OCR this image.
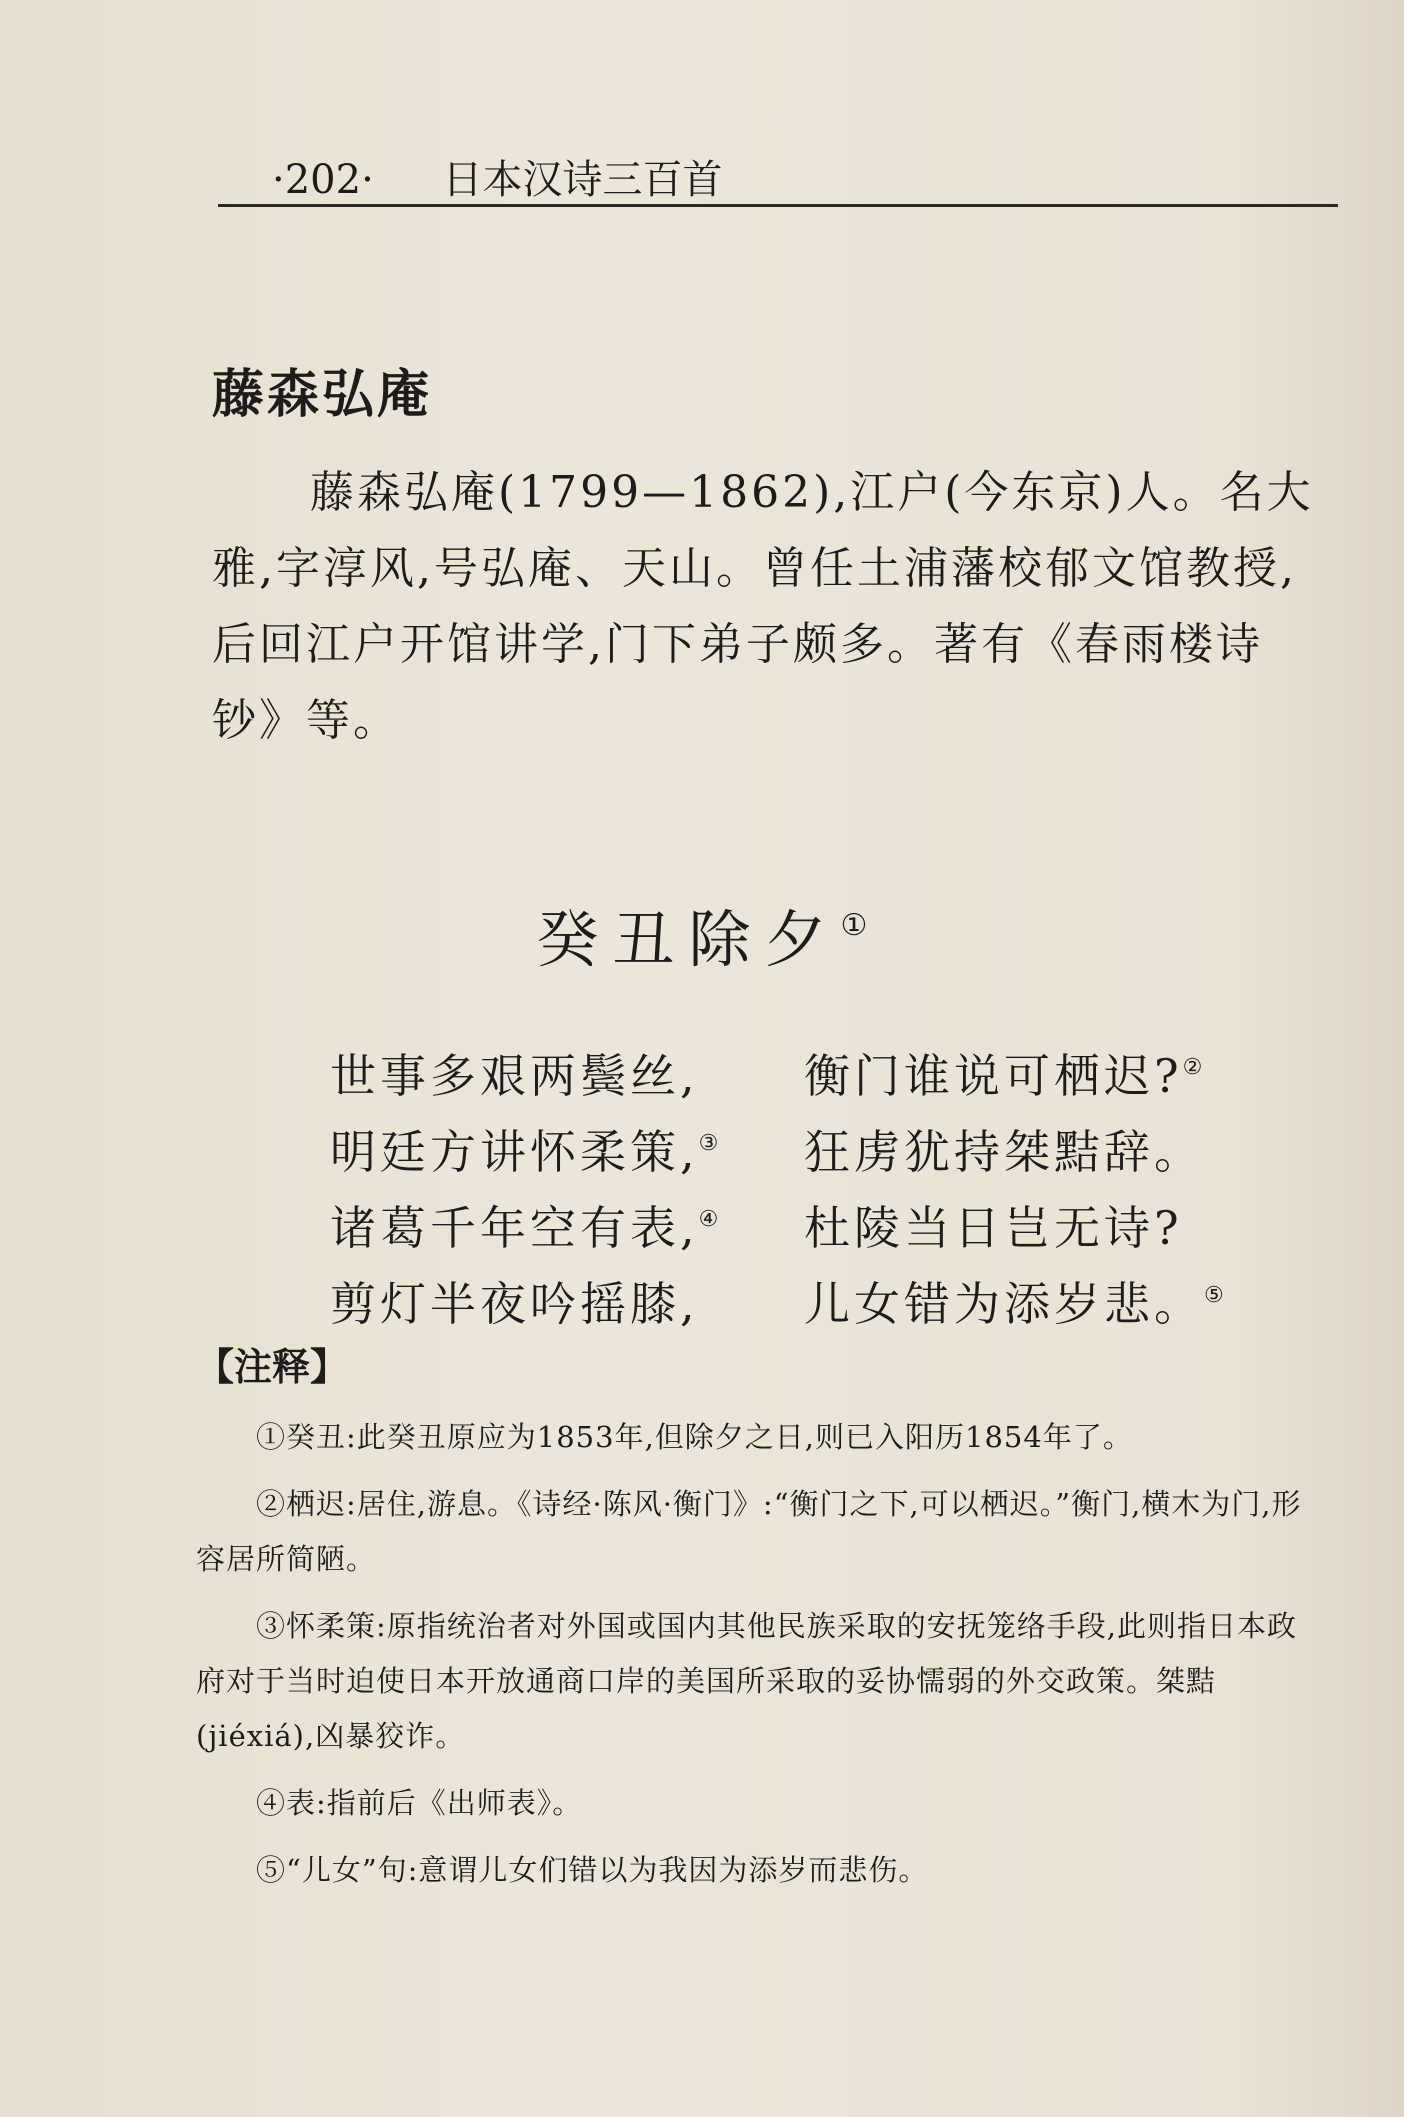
·202· 日本汉诗三百首
藤森弘庵

藤森弘庵(1799—1862),江户(今东京)人。名大雅,字淳风,号弘庵、天山。曾任土浦藩校郁文馆教授,后回江户开馆讲学,门下弟子颇多。著有《春雨楼诗钞》等。

癸丑除夕①
世事多艰两鬓丝, 衡门谁说可栖迟?②
明廷方讲怀柔策,③ 狂虏犹持桀黠辞。
诸葛千年空有表,④ 杜陵当日岂无诗?
剪灯半夜吟摇膝, 儿女错为添岁悲。⑤
【注释】

①癸丑:此癸丑原应为1853年,但除夕之日,则已入阳历1854年了。

②栖迟:居住,游息。《诗经·陈风·衡门》:“衡门之下,可以栖迟。”衡门,横木为门,形容居所简陋。

③怀柔策:原指统治者对外国或国内其他民族采取的安抚笼络手段,此则指日本政府对于当时迫使日本开放通商口岸的美国所采取的妥协懦弱的外交政策。桀黠(jiéxiá),凶暴狡诈。

④表:指前后《出师表》。

⑤“儿女”句:意谓儿女们错以为我因为添岁而悲伤。
